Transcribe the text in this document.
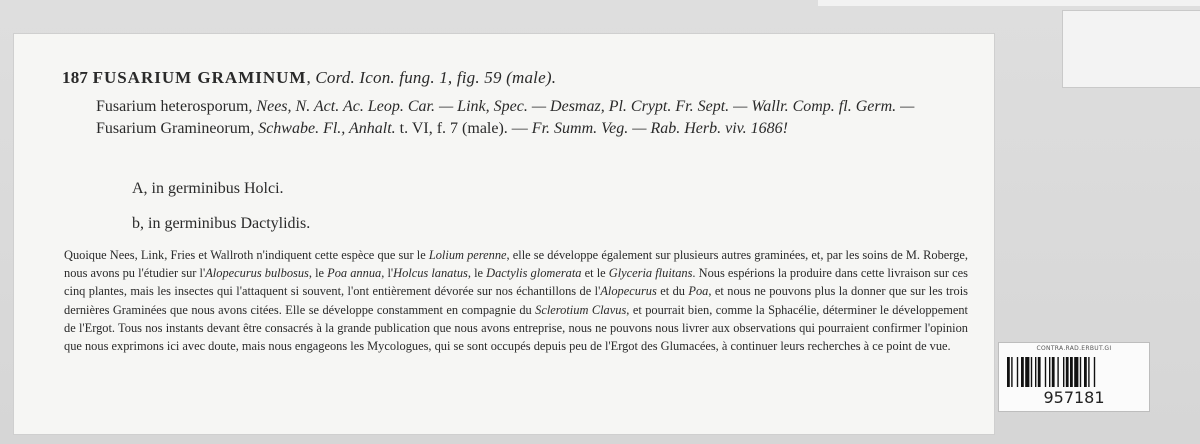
187 FUSARIUM GRAMINUM, Cord. Icon. fung. 1, fig. 59 (male).
Fusarium heterosporum, Nees, N. Act. Ac. Leop. Car. — Link, Spec. — Desmaz, Pl. Crypt. Fr. Sept. — Wallr. Comp. fl. Germ. — Fusarium Gramineorum, Schwabe. Fl., Anhalt. t. VI, f. 7 (male). — Fr. Summ. Veg. — Rab. Herb. viv. 1686!
A, in germinibus Holci.
b, in germinibus Dactylidis.
Quoique Nees, Link, Fries et Wallroth n'indiquent cette espèce que sur le Lolium perenne, elle se développe également sur plusieurs autres graminées, et, par les soins de M. Roberge, nous avons pu l'étudier sur l'Alopecurus bulbosus, le Poa annua, l'Holcus lanatus, le Dactylis glomerata et le Glyceria fluitans. Nous espérions la produire dans cette livraison sur ces cinq plantes, mais les insectes qui l'attaquent si souvent, l'ont entièrement dévorée sur nos échantillons de l'Alopecurus et du Poa, et nous ne pouvons plus la donner que sur les trois dernières Graminées que nous avons citées. Elle se développe constamment en compagnie du Sclerotium Clavus, et pourrait bien, comme la Sphacélie, déterminer le développement de l'Ergot. Tous nos instants devant être consacrés à la grande publication que nous avons entreprise, nous ne pouvons nous livrer aux observations qui pourraient confirmer l'opinion que nous exprimons ici avec doute, mais nous engageons les Mycologues, qui se sont occupés depuis peu de l'Ergot des Glumacées, à continuer leurs recherches à ce point de vue.	CONTRA.RAD.ERBUT.GI
957181
